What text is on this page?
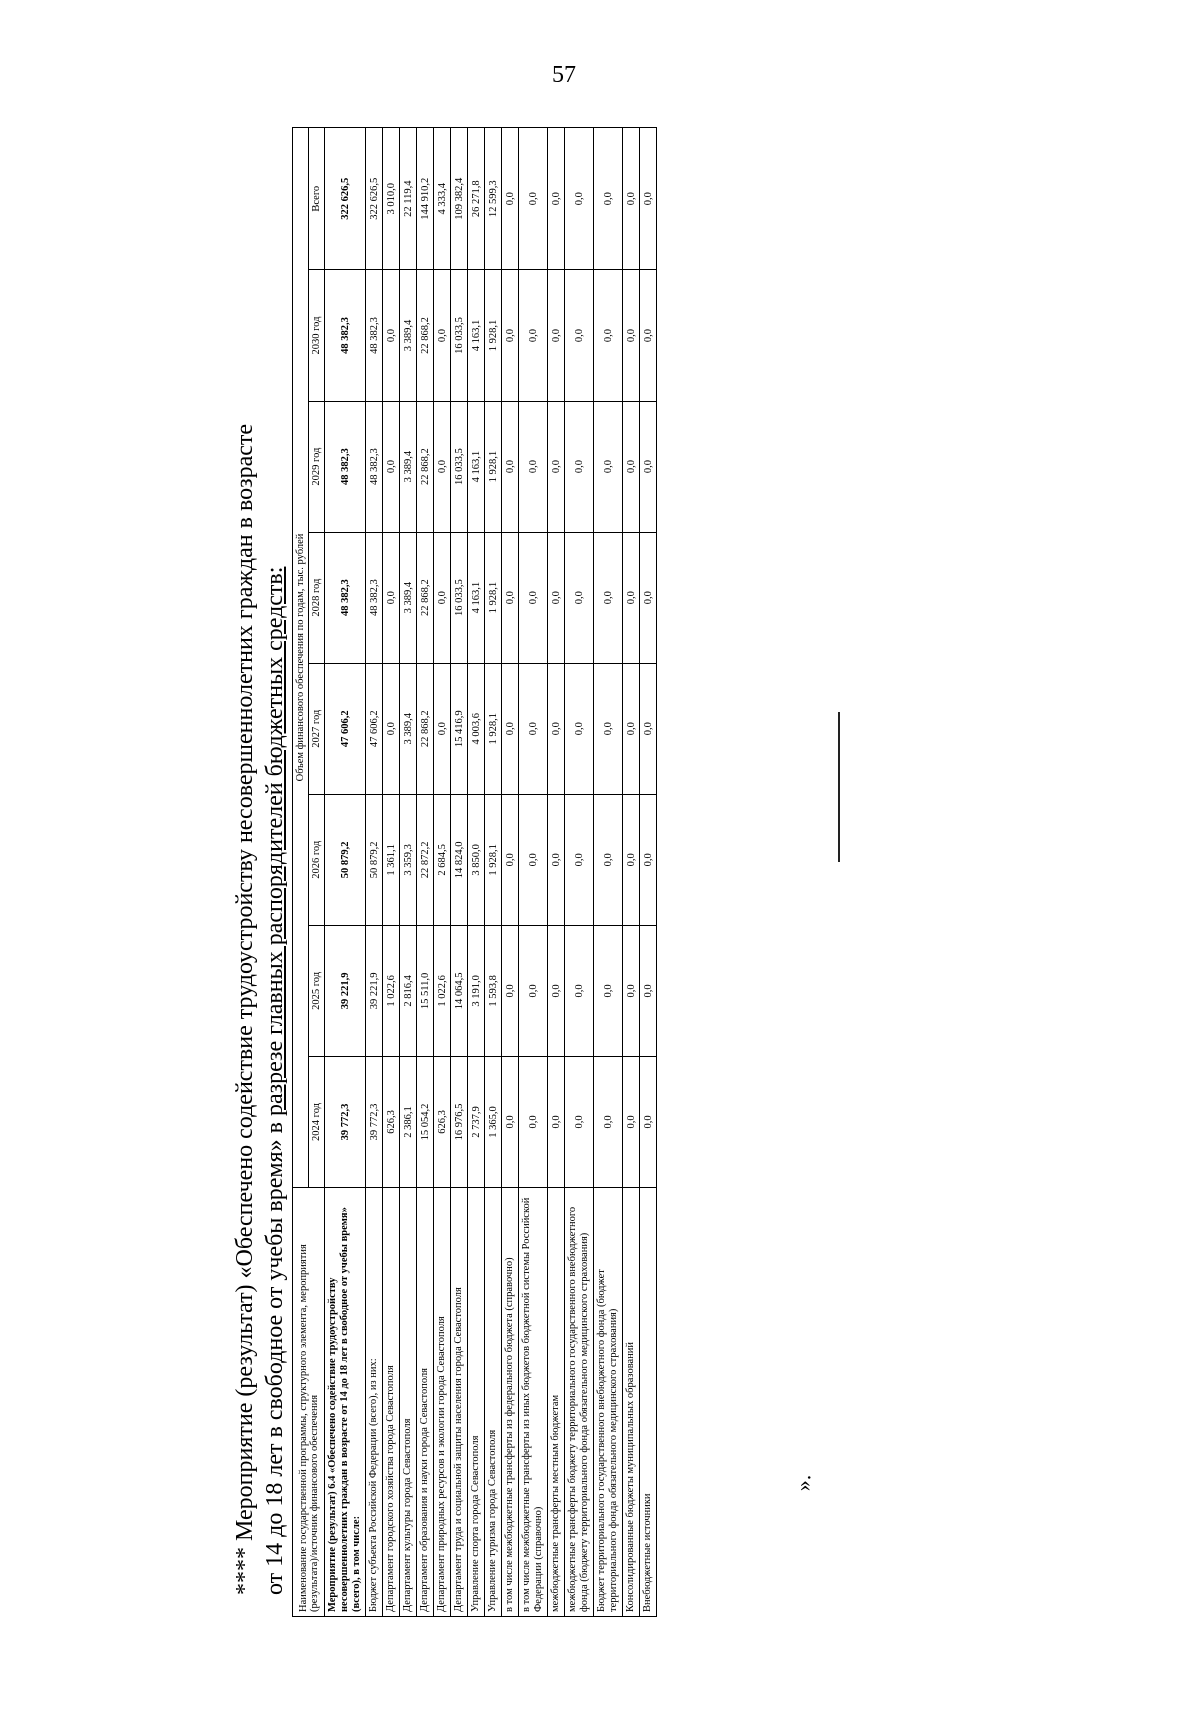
57
**** Мероприятие (результат) «Обеспечено содействие трудоустройству несовершеннолетних граждан в возрасте от 14 до 18 лет в свободное от учебы время» в разрезе главных распорядителей бюджетных средств:
Наименование государственной программы, структурного элемента, мероприятия (результата)/источник финансового обеспечения	Объем финансового обеспечения по годам, тыс. рублей							
	2024 год	2025 год	2026 год	2027 год	2028 год	2029 год	2030 год	Всего
Мероприятие (результат) 6.4 «Обеспечено содействие трудоустройству несовершеннолетних граждан в возрасте от 14 до 18 лет в свободное от учебы время» (всего), в том числе:	39 772,3	39 221,9	50 879,2	47 606,2	48 382,3	48 382,3	48 382,3	322 626,5
Бюджет субъекта Российской Федерации (всего), из них:	39 772,3	39 221,9	50 879,2	47 606,2	48 382,3	48 382,3	48 382,3	322 626,5
Департамент городского хозяйства города Севастополя	626,3	1 022,6	1 361,1	0,0	0,0	0,0	0,0	3 010,0
Департамент культуры города Севастополя	2 386,1	2 816,4	3 359,3	3 389,4	3 389,4	3 389,4	3 389,4	22 119,4
Департамент образования и науки города Севастополя	15 054,2	15 511,0	22 872,2	22 868,2	22 868,2	22 868,2	22 868,2	144 910,2
Департамент природных ресурсов и экологии города Севастополя	626,3	1 022,6	2 684,5	0,0	0,0	0,0	0,0	4 333,4
Департамент труда и социальной защиты населения города Севастополя	16 976,5	14 064,5	14 824,0	15 416,9	16 033,5	16 033,5	16 033,5	109 382,4
Управление спорта города Севастополя	2 737,9	3 191,0	3 850,0	4 003,6	4 163,1	4 163,1	4 163,1	26 271,8
Управление туризма города Севастополя	1 365,0	1 593,8	1 928,1	1 928,1	1 928,1	1 928,1	1 928,1	12 599,3
в том числе межбюджетные трансферты из федерального бюджета (справочно)	0,0	0,0	0,0	0,0	0,0	0,0	0,0	0,0
в том числе межбюджетные трансферты из иных бюджетов бюджетной системы Российской Федерации (справочно)	0,0	0,0	0,0	0,0	0,0	0,0	0,0	0,0
межбюджетные трансферты местным бюджетам	0,0	0,0	0,0	0,0	0,0	0,0	0,0	0,0
межбюджетные трансферты бюджету территориального государственного внебюджетного фонда (бюджету территориального фонда обязательного медицинского страхования)	0,0	0,0	0,0	0,0	0,0	0,0	0,0	0,0
Бюджет территориального государственного внебюджетного фонда (бюджет территориального фонда обязательного медицинского страхования)	0,0	0,0	0,0	0,0	0,0	0,0	0,0	0,0
Консолидированные бюджеты муниципальных образований	0,0	0,0	0,0	0,0	0,0	0,0	0,0	0,0
Внебюджетные источники	0,0	0,0	0,0	0,0	0,0	0,0	0,0	0,0
».
